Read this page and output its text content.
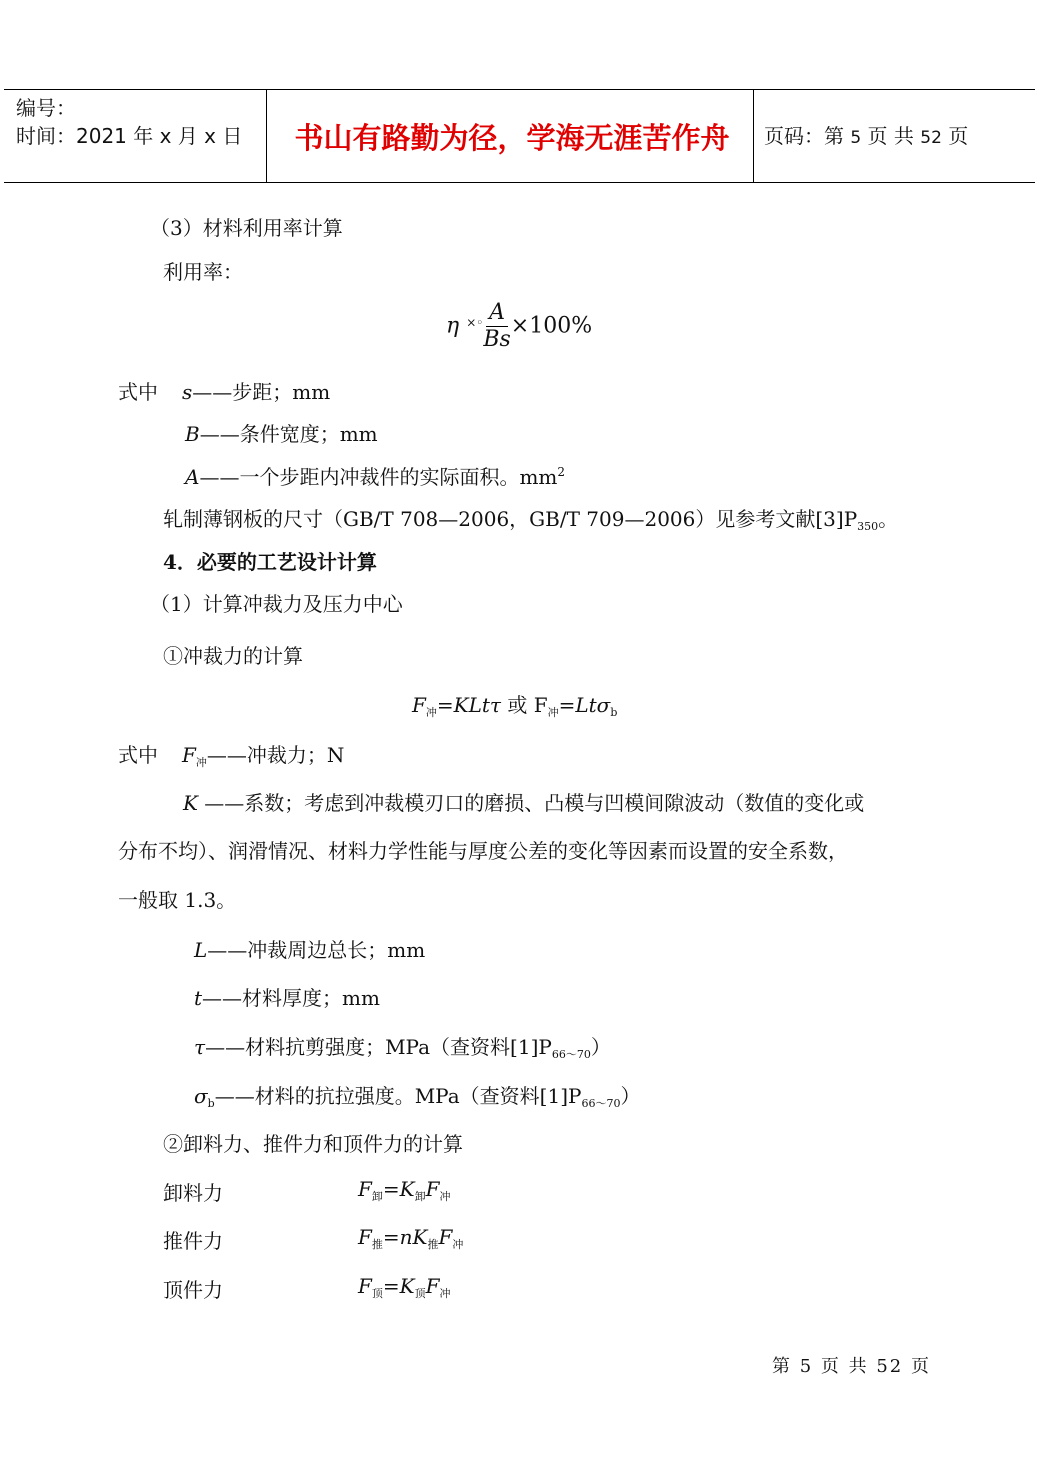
编号：
时间：2021 年 x 月 x 日	书山有路勤为径，学海无涯苦作舟	页码：第 5 页 共 52 页
（3）材料利用率计算
利用率：
η $^{\times◦} \frac{A}{Bs} \times 100\%$
式中 s——步距；mm
B——条件宽度；mm
A——一个步距内冲裁件的实际面积。$mm^2$
轧制薄钢板的尺寸（GB/T 708—2006，GB/T 709—2006）见参考文献$[3]P_{350}$。
4．必要的工艺设计计算
（1）计算冲裁力及压力中心
①冲裁力的计算
$F_冲=KLt\tau$ 或 $F_冲=Lt\sigma_b$
式中 $F_冲——$冲裁力；N
K ——系数；考虑到冲裁模刃口的磨损、凸模与凹模间隙波动（数值的变化或
分布不均）、润滑情况、材料力学性能与厚度公差的变化等因素而设置的安全系数，
一般取 1.3。
L——冲裁周边总长；mm
t——材料厚度；mm
τ——材料抗剪强度；MPa（查资料$[1]P_{66\sim 70}$）
$\sigma_b——$材料的抗拉强度。MPa（查资料$[1]P_{66\sim 70}$）
②卸料力、推件力和顶件力的计算
卸料力	$F_卸=K_卸F_冲$
推件力	$F_推=nK_推F_冲$
顶件力	$F_顶=K_顶F_冲$
第 5 页 共 52 页
